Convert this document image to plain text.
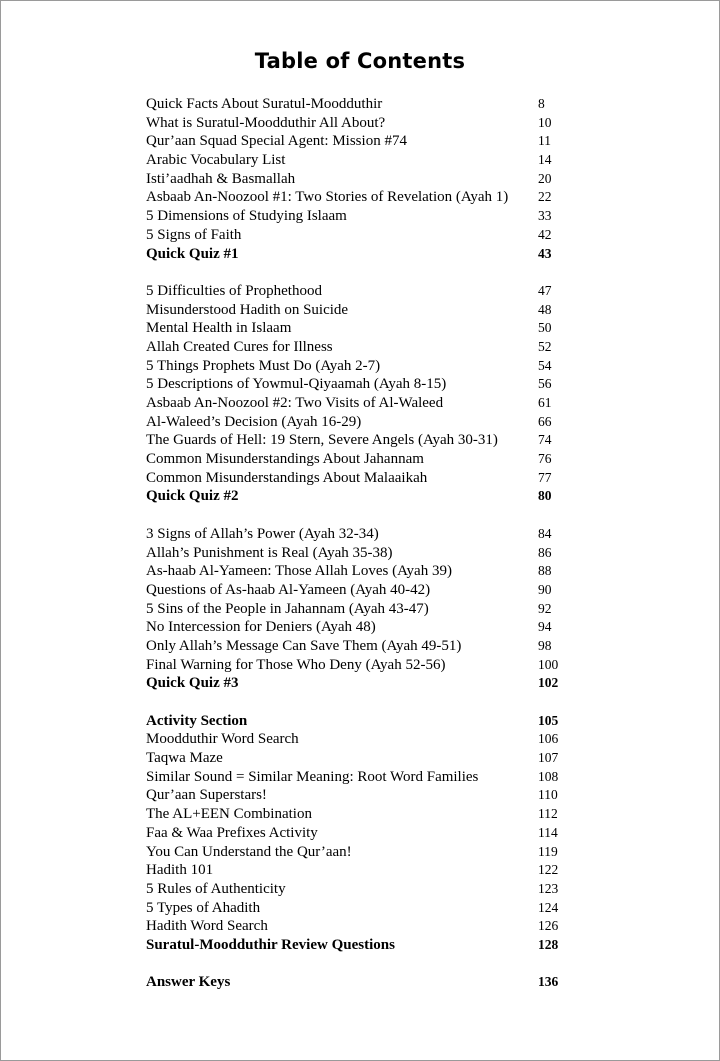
Table of Contents
Quick Facts About Suratul-Moodduthir	8
What is Suratul-Moodduthir All About?	10
Qur’aan Squad Special Agent: Mission #74	11
Arabic Vocabulary List	14
Isti’aadhah & Basmallah	20
Asbaab An-Noozool #1: Two Stories of Revelation (Ayah 1) 22
5 Dimensions of Studying Islaam	33
5 Signs of Faith	42
Quick Quiz #1	43
5 Difficulties of Prophethood	47
Misunderstood Hadith on Suicide	48
Mental Health in Islaam	50
Allah Created Cures for Illness	52
5 Things Prophets Must Do (Ayah 2-7)	54
5 Descriptions of Yowmul-Qiyaamah (Ayah 8-15)	56
Asbaab An-Noozool #2: Two Visits of Al-Waleed	61
Al-Waleed’s Decision (Ayah 16-29)	66
The Guards of Hell: 19 Stern, Severe Angels (Ayah 30-31)	74
Common Misunderstandings About Jahannam	76
Common Misunderstandings About Malaaikah	77
Quick Quiz #2	80
3 Signs of Allah’s Power (Ayah 32-34)	84
Allah’s Punishment is Real (Ayah 35-38)	86
As-haab Al-Yameen: Those Allah Loves (Ayah 39)	88
Questions of As-haab Al-Yameen (Ayah 40-42)	90
5 Sins of the People in Jahannam (Ayah 43-47)	92
No Intercession for Deniers (Ayah 48)	94
Only Allah’s Message Can Save Them (Ayah 49-51)	98
Final Warning for Those Who Deny (Ayah 52-56)	100
Quick Quiz #3	102
Activity Section	105
Moodduthir Word Search	106
Taqwa Maze	107
Similar Sound = Similar Meaning: Root Word Families	108
Qur’aan Superstars!	110
The AL+EEN Combination	112
Faa & Waa Prefixes Activity	114
You Can Understand the Qur’aan!	119
Hadith 101	122
5 Rules of Authenticity	123
5 Types of Ahadith	124
Hadith Word Search	126
Suratul-Moodduthir Review Questions	128
Answer Keys	136
